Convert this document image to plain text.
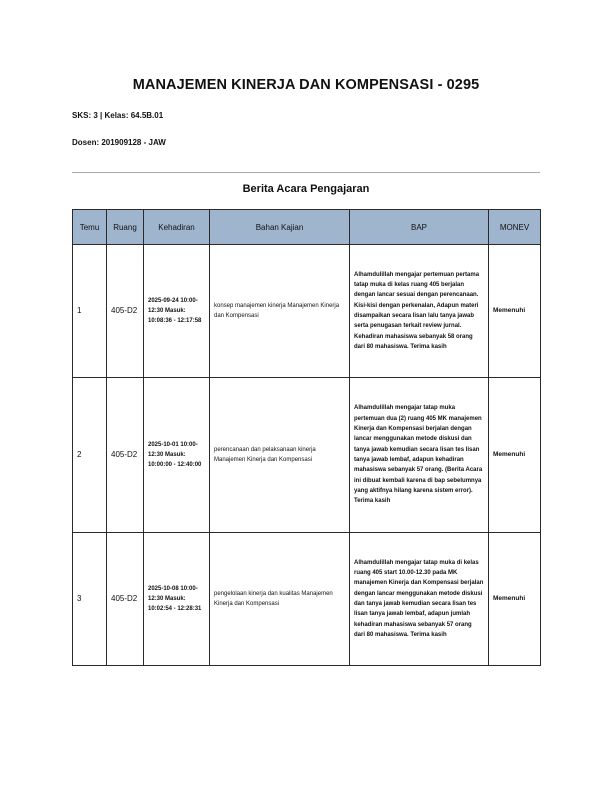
MANAJEMEN KINERJA DAN KOMPENSASI - 0295
SKS: 3 | Kelas: 64.5B.01
Dosen: 201909128 - JAW
Berita Acara Pengajaran
Temu	Ruang	Kehadiran	Bahan Kajian	BAP	MONEV
1	405-D2	2025-09-24 10:00-12:30 Masuk: 10:08:36 - 12:17:58	konsep manajemen kinerja Manajemen Kinerja dan Kompensasi	Alhamdulillah mengajar pertemuan pertama tatap muka di kelas ruang 405 berjalan dengan lancar sesuai dengan perencanaan. Kisi-kisi dengan perkenalan, Adapun materi disampaikan secara lisan lalu tanya jawab serta penugasan terkait review jurnal. Kehadiran mahasiswa sebanyak 58 orang dari 80 mahasiswa. Terima kasih	Memenuhi
2	405-D2	2025-10-01 10:00-12:30 Masuk: 10:00:00 - 12:40:00	perencanaan dan pelaksanaan kinerja Manajemen Kinerja dan Kompensasi	Alhamdulillah mengajar tatap muka pertemuan dua (2) ruang 405 MK manajemen Kinerja dan Kompensasi berjalan dengan lancar menggunakan metode diskusi dan tanya jawab kemudian secara lisan tes lisan tanya jawab lembaf, adapun kehadiran mahasiswa sebanyak 57 orang. (Berita Acara ini dibuat kembali karena di bap sebelumnya yang aktifnya hilang karena sistem error). Terima kasih	Memenuhi
3	405-D2	2025-10-08 10:00-12:30 Masuk: 10:02:54 - 12:28:31	pengelolaan kinerja dan kualitas Manajemen Kinerja dan Kompensasi	Alhamdulillah mengajar tatap muka di kelas ruang 405 start 10.00-12.30 pada MK manajemen Kinerja dan Kompensasi berjalan dengan lancar menggunakan metode diskusi dan tanya jawab kemudian secara lisan tes lisan tanya jawab lembaf, adapun jumlah kehadiran mahasiswa sebanyak 57 orang dari 80 mahasiswa. Terima kasih	Memenuhi
